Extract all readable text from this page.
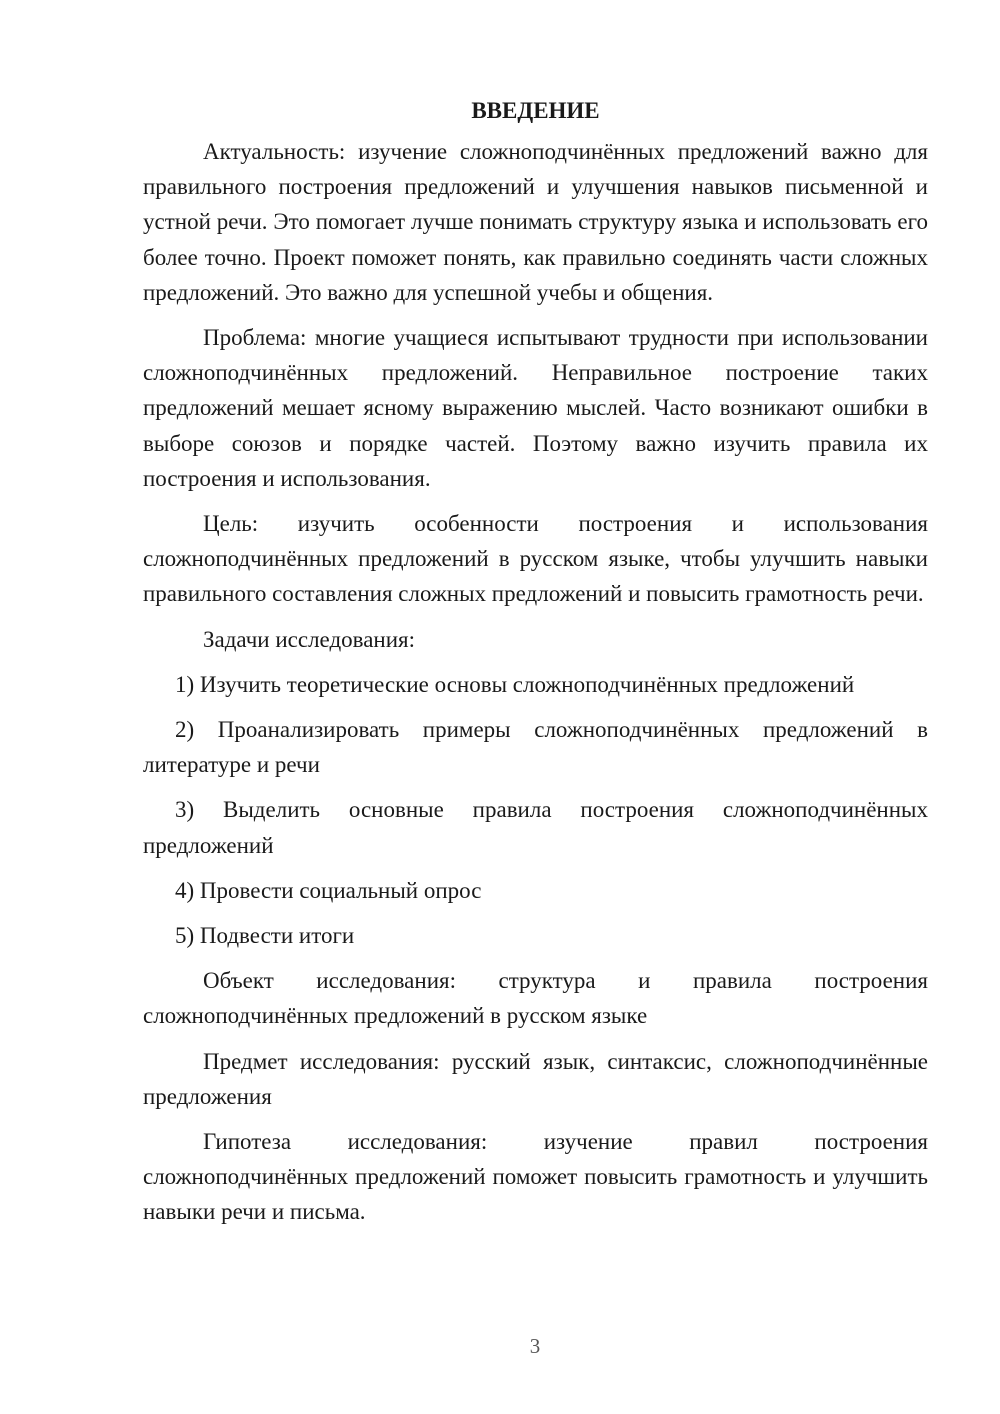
ВВЕДЕНИЕ

Актуальность: изучение сложноподчинённых предложений важно для правильного построения предложений и улучшения навыков письменной и устной речи. Это помогает лучше понимать структуру языка и использовать его более точно. Проект поможет понять, как правильно соединять части сложных предложений. Это важно для успешной учебы и общения.

Проблема: многие учащиеся испытывают трудности при использовании сложноподчинённых предложений. Неправильное построение таких предложений мешает ясному выражению мыслей. Часто возникают ошибки в выборе союзов и порядке частей. Поэтому важно изучить правила их построения и использования.

Цель: изучить особенности построения и использования сложноподчинённых предложений в русском языке, чтобы улучшить навыки правильного составления сложных предложений и повысить грамотность речи.

Задачи исследования:

1) Изучить теоретические основы сложноподчинённых предложений

2) Проанализировать примеры сложноподчинённых предложений в литературе и речи

3) Выделить основные правила построения сложноподчинённых предложений

4) Провести социальный опрос

5) Подвести итоги

Объект исследования: структура и правила построения сложноподчинённых предложений в русском языке

Предмет исследования: русский язык, синтаксис, сложноподчинённые предложения

Гипотеза исследования: изучение правил построения сложноподчинённых предложений поможет повысить грамотность и улучшить навыки речи и письма.

3
